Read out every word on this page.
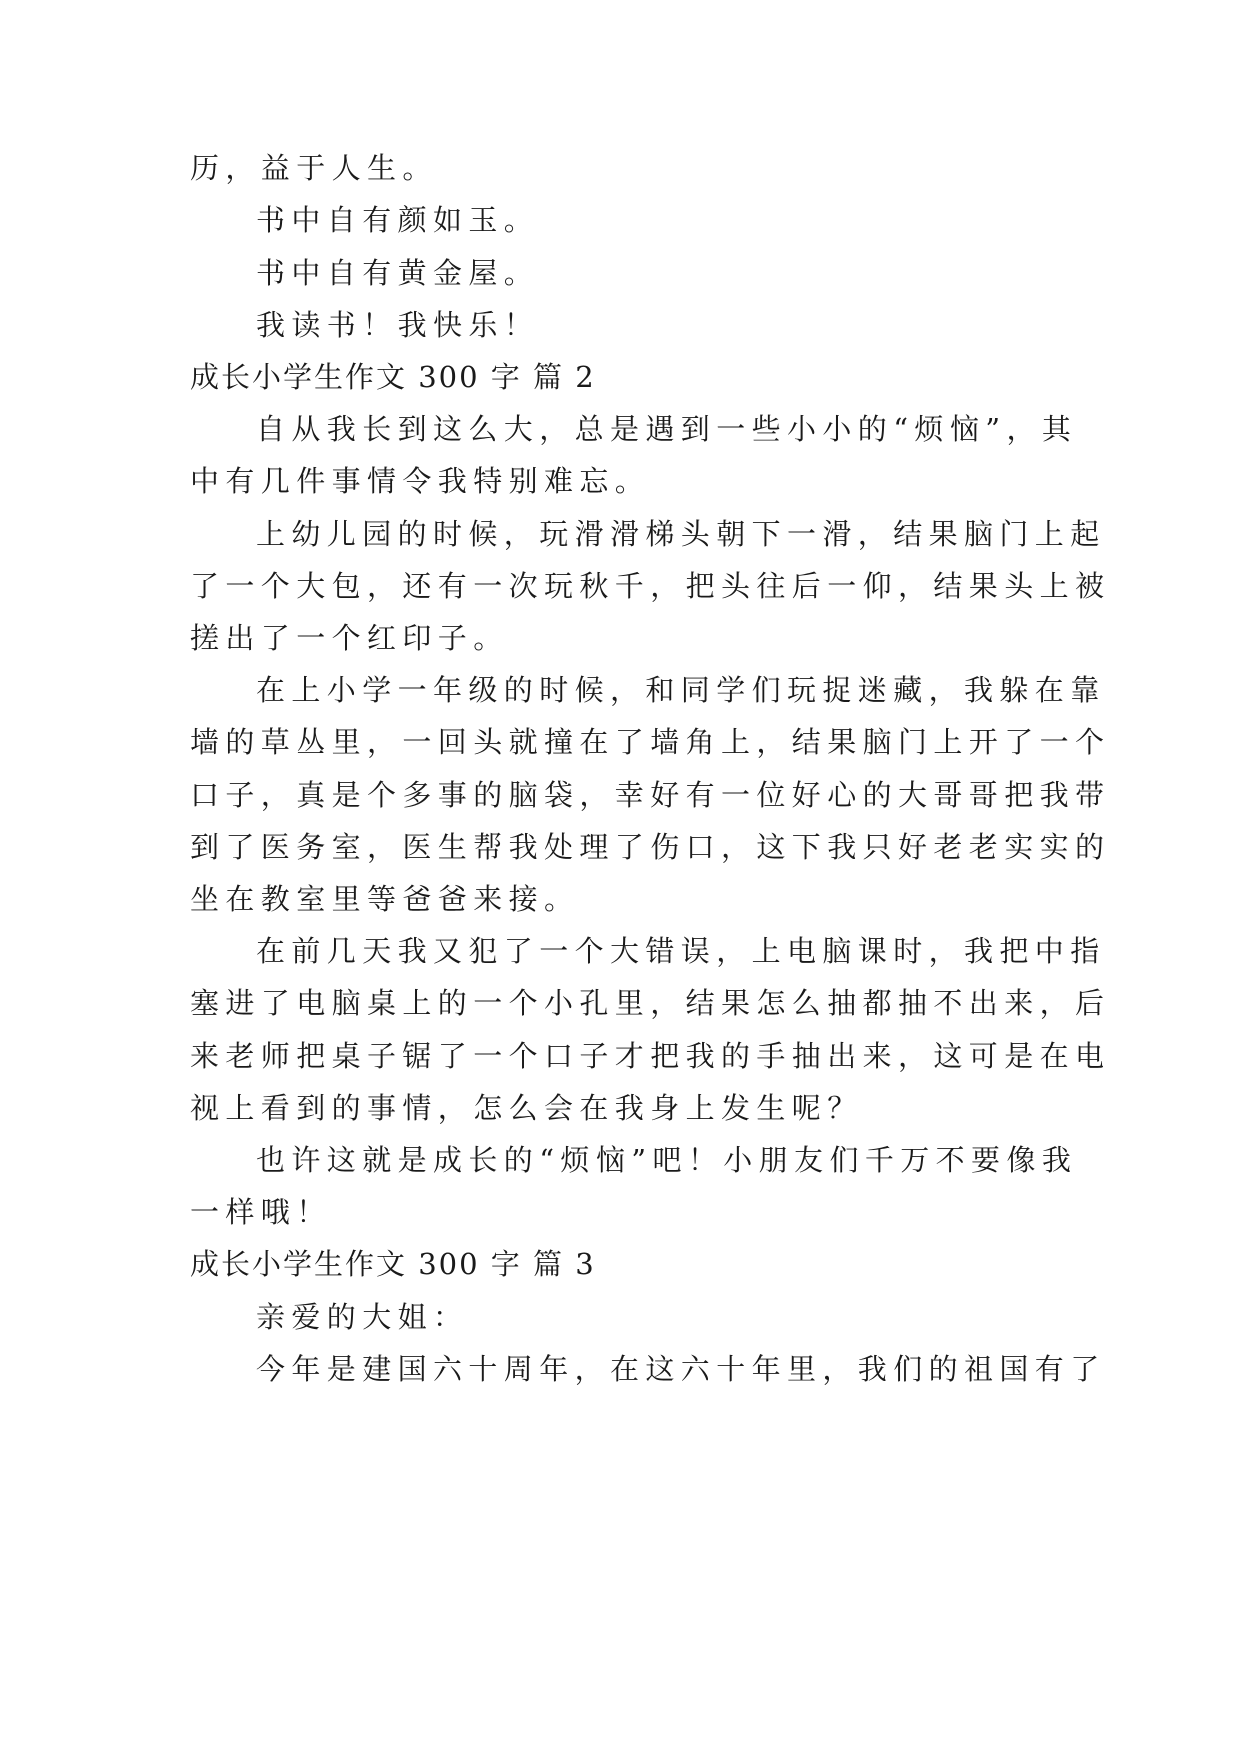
历，益于人生。
书中自有颜如玉。
书中自有黄金屋。
我读书！我快乐！
成长小学生作文 300 字 篇 2
自从我长到这么大，总是遇到一些小小的“烦恼”，其
中有几件事情令我特别难忘。
上幼儿园的时候，玩滑滑梯头朝下一滑，结果脑门上起
了一个大包，还有一次玩秋千，把头往后一仰，结果头上被
搓出了一个红印子。
在上小学一年级的时候，和同学们玩捉迷藏，我躲在靠
墙的草丛里，一回头就撞在了墙角上，结果脑门上开了一个
口子，真是个多事的脑袋，幸好有一位好心的大哥哥把我带
到了医务室，医生帮我处理了伤口，这下我只好老老实实的
坐在教室里等爸爸来接。
在前几天我又犯了一个大错误，上电脑课时，我把中指
塞进了电脑桌上的一个小孔里，结果怎么抽都抽不出来，后
来老师把桌子锯了一个口子才把我的手抽出来，这可是在电
视上看到的事情，怎么会在我身上发生呢？
也许这就是成长的“烦恼”吧！小朋友们千万不要像我
一样哦！
成长小学生作文 300 字 篇 3
亲爱的大姐：
今年是建国六十周年，在这六十年里，我们的祖国有了
